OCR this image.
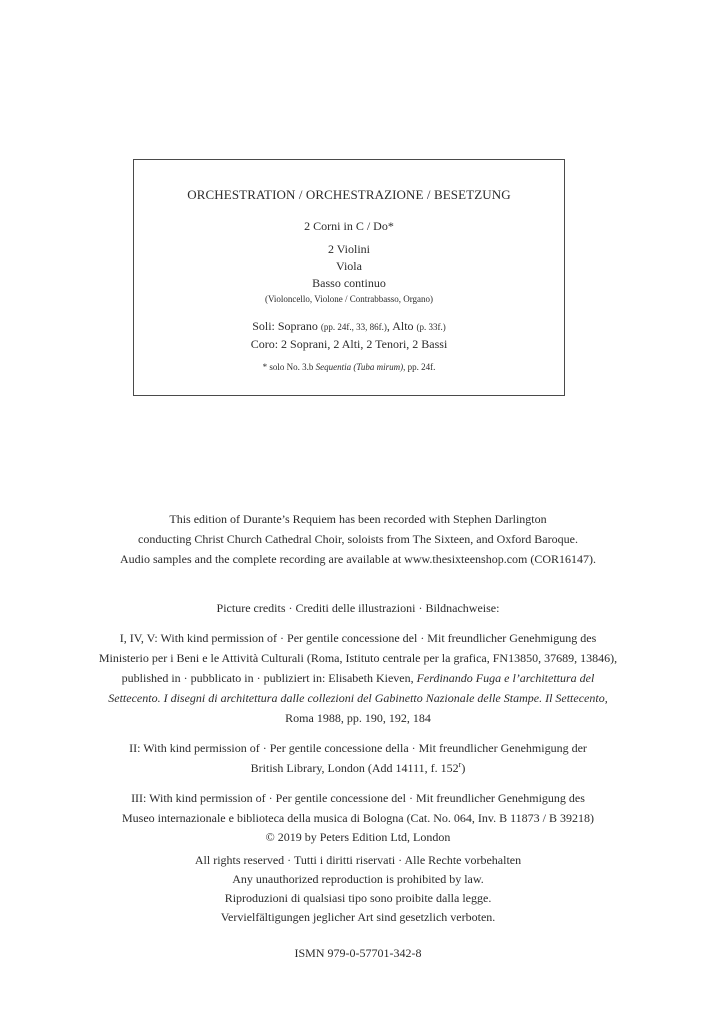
ORCHESTRATION / ORCHESTRAZIONE / BESETZUNG
2 Corni in C / Do*
2 Violini
Viola
Basso continuo
(Violoncello, Violone / Contrabbasso, Organo)
Soli: Soprano (pp. 24f., 33, 86f.), Alto (p. 33f.)
Coro: 2 Soprani, 2 Alti, 2 Tenori, 2 Bassi
* solo No. 3.b Sequentia (Tuba mirum), pp. 24f.
This edition of Durante’s Requiem has been recorded with Stephen Darlington
conducting Christ Church Cathedral Choir, soloists from The Sixteen, and Oxford Baroque.
Audio samples and the complete recording are available at www.thesixteenshop.com (COR16147).

Picture credits · Crediti delle illustrazioni · Bildnachweise:

I, IV, V: With kind permission of · Per gentile concessione del · Mit freundlicher Genehmigung des

Ministerio per i Beni e le Attività Culturali (Roma, Istituto centrale per la grafica, FN13850, 37689, 13846),

published in · pubblicato in · publiziert in: Elisabeth Kieven, Ferdinando Fuga e l’architettura del

Settecento. I disegni di architettura dalle collezioni del Gabinetto Nazionale delle Stampe. Il Settecento,

Roma 1988, pp. 190, 192, 184

II: With kind permission of · Per gentile concessione della · Mit freundlicher Genehmigung der

British Library, London (Add 14111, f. 152$^r$)

III: With kind permission of · Per gentile concessione del · Mit freundlicher Genehmigung des

Museo internazionale e biblioteca della musica di Bologna (Cat. No. 064, Inv. B 11873 / B 39218)

© 2019 by Peters Edition Ltd, London

All rights reserved · Tutti i diritti riservati · Alle Rechte vorbehalten

Any unauthorized reproduction is prohibited by law.

Riproduzioni di qualsiasi tipo sono proibite dalla legge.

Vervielfältigungen jeglicher Art sind gesetzlich verboten.

ISMN 979-0-57701-342-8
